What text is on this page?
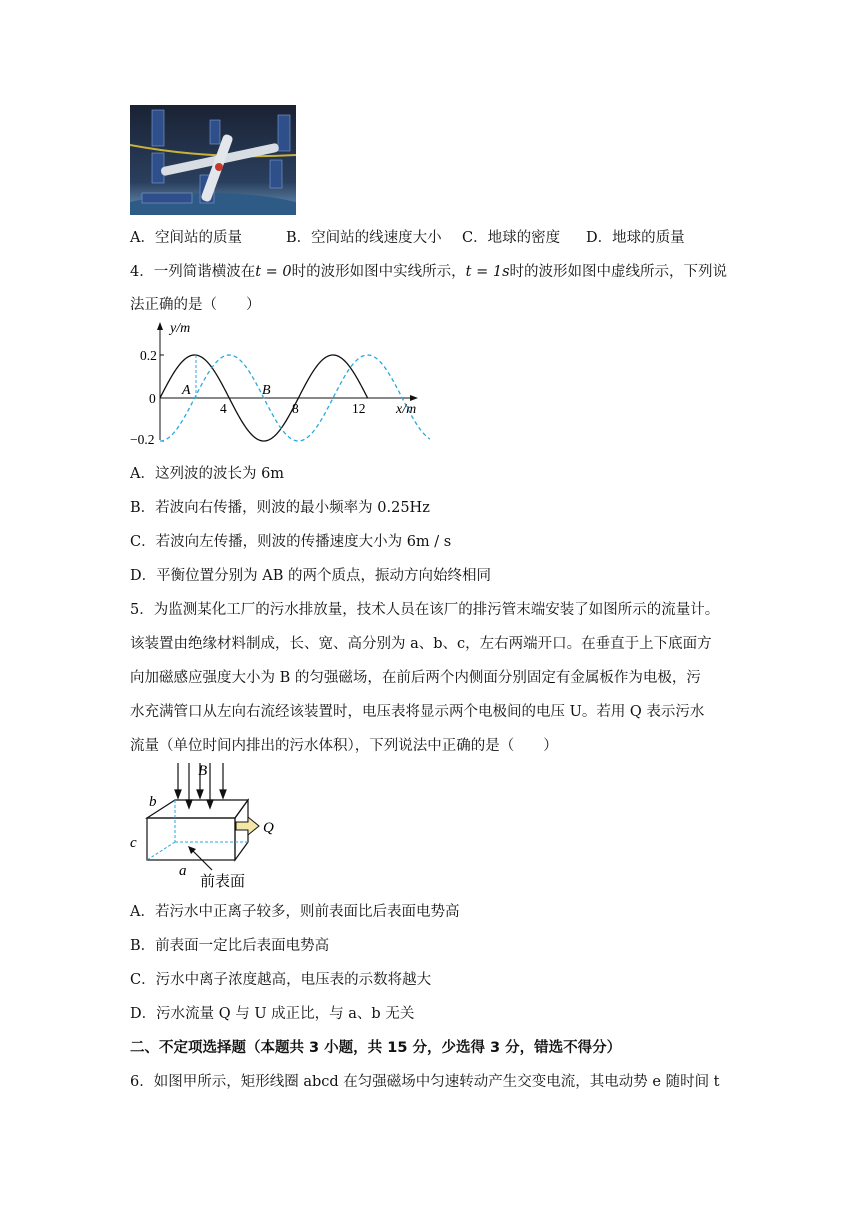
A．空间站的质量	B．空间站的线速度大小 C．地球的密度 D．地球的质量
4．一列简谐横波在t = 0时的波形如图中实线所示，t = 1s时的波形如图中虚线所示，下列说
法正确的是（　　）
y/m
0.2
0
−0.2
4	8	12 x/m
A	B
A．这列波的波长为 6m
B．若波向右传播，则波的最小频率为 0.25Hz
C．若波向左传播，则波的传播速度大小为 6m / s
D．平衡位置分别为 AB 的两个质点，振动方向始终相同
5．为监测某化工厂的污水排放量，技术人员在该厂的排污管末端安装了如图所示的流量计。
该装置由绝缘材料制成，长、宽、高分别为 a、b、c，左右两端开口。在垂直于上下底面方
向加磁感应强度大小为 B 的匀强磁场，在前后两个内侧面分别固定有金属板作为电极，污
水充满管口从左向右流经该装置时，电压表将显示两个电极间的电压 U。若用 Q 表示污水
流量（单位时间内排出的污水体积），下列说法中正确的是（　　）
B
b
c
a
Q
前表面
A．若污水中正离子较多，则前表面比后表面电势高
B．前表面一定比后表面电势高
C．污水中离子浓度越高，电压表的示数将越大
D．污水流量 Q 与 U 成正比，与 a、b 无关
二、不定项选择题（本题共 3 小题，共 15 分，少选得 3 分，错选不得分）
6．如图甲所示，矩形线圈 abcd 在匀强磁场中匀速转动产生交变电流，其电动势 e 随时间 t
